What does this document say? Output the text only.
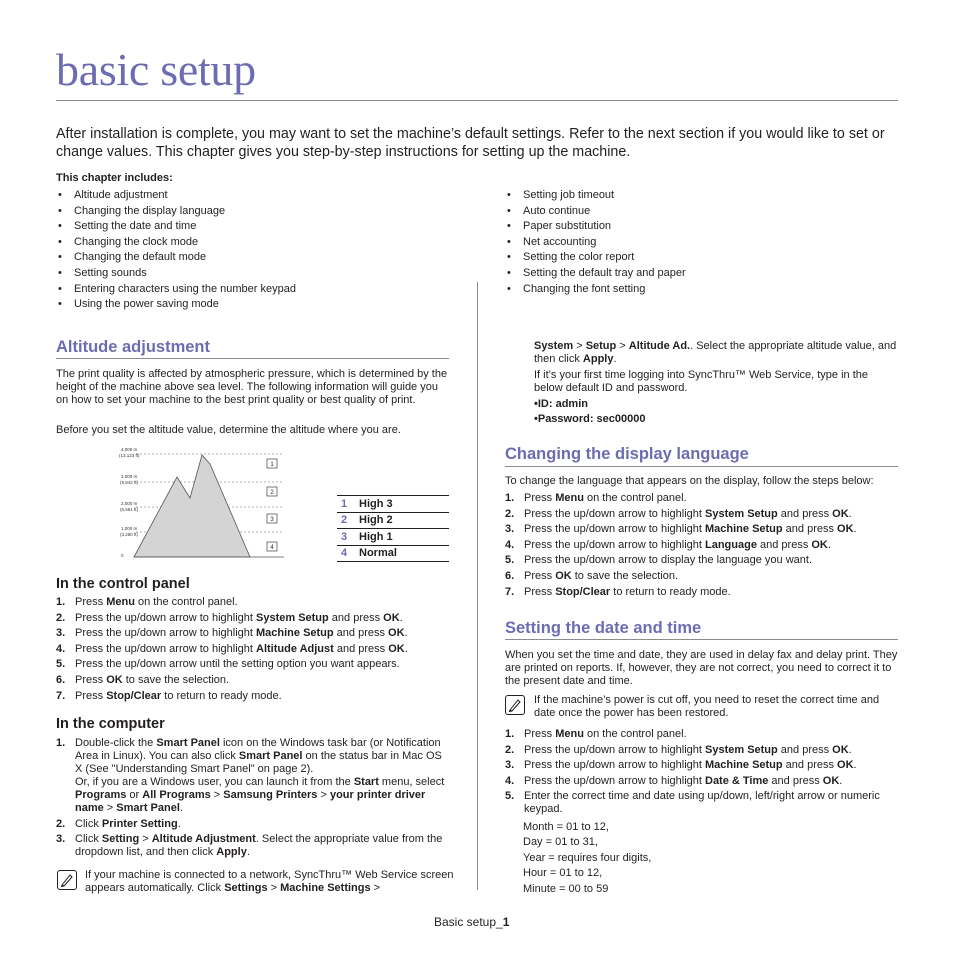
basic setup
After installation is complete, you may want to set the machine’s default settings. Refer to the next section if you would like to set or change values. This chapter gives you step-by-step instructions for setting up the machine.
This chapter includes:
• Altitude adjustment
• Changing the display language
• Setting the date and time
• Changing the clock mode
• Changing the default mode
• Setting sounds
• Entering characters using the number keypad
• Using the power saving mode
• Setting job timeout
• Auto continue
• Paper substitution
• Net accounting
• Setting the color report
• Setting the default tray and paper
• Changing the font setting
Altitude adjustment
The print quality is affected by atmospheric pressure, which is determined by the height of the machine above sea level. The following information will guide you on how to set your machine to the best print quality or best quality of print.
Before you set the altitude value, determine the altitude where you are.
4,000 m
(13,123 ft)
3,000 m
(9,842 ft)
2,000 m
(6,561 ft)
1,000 m
(3,280 ft)
0
1
2
3
4
1	High 3
2	High 2
3	High 1
4	Normal
In the control panel
1. Press Menu on the control panel.
2. Press the up/down arrow to highlight System Setup and press OK.
3. Press the up/down arrow to highlight Machine Setup and press OK.
4. Press the up/down arrow to highlight Altitude Adjust and press OK.
5. Press the up/down arrow until the setting option you want appears.
6. Press OK to save the selection.
7. Press Stop/Clear to return to ready mode.
In the computer
1. Double-click the Smart Panel icon on the Windows task bar (or Notification Area in Linux). You can also click Smart Panel on the status bar in Mac OS X (See "Understanding Smart Panel" on page 2).
Or, if you are a Windows user, you can launch it from the Start menu, select Programs or All Programs > Samsung Printers > your printer driver name > Smart Panel.
2. Click Printer Setting.
3. Click Setting > Altitude Adjustment. Select the appropriate value from the dropdown list, and then click Apply.
If your machine is connected to a network, SyncThru™ Web Service screen appears automatically. Click Settings > Machine Settings >
System > Setup > Altitude Ad.. Select the appropriate altitude value, and then click Apply.
If it’s your first time logging into SyncThru™ Web Service, type in the below default ID and password.
•ID: admin
•Password: sec00000
Changing the display language
To change the language that appears on the display, follow the steps below:
1. Press Menu on the control panel.
2. Press the up/down arrow to highlight System Setup and press OK.
3. Press the up/down arrow to highlight Machine Setup and press OK.
4. Press the up/down arrow to highlight Language and press OK.
5. Press the up/down arrow to display the language you want.
6. Press OK to save the selection.
7. Press Stop/Clear to return to ready mode.
Setting the date and time
When you set the time and date, they are used in delay fax and delay print. They are printed on reports. If, however, they are not correct, you need to correct it to the present date and time.
If the machine’s power is cut off, you need to reset the correct time and date once the power has been restored.
1. Press Menu on the control panel.
2. Press the up/down arrow to highlight System Setup and press OK.
3. Press the up/down arrow to highlight Machine Setup and press OK.
4. Press the up/down arrow to highlight Date & Time and press OK.
5. Enter the correct time and date using up/down, left/right arrow or numeric keypad.
Month = 01 to 12,
Day = 01 to 31,
Year = requires four digits,
Hour = 01 to 12,
Minute = 00 to 59
Basic setup_1
